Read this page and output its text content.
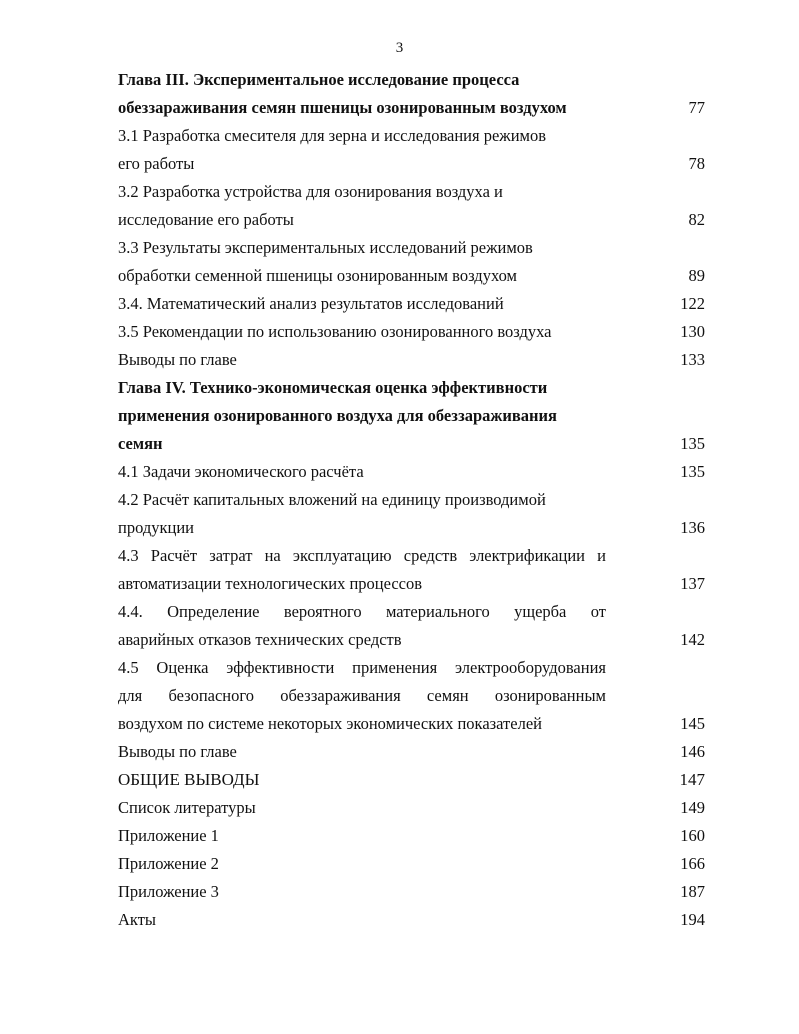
3
Глава III. Экспериментальное исследование процесса
обеззараживания семян пшеницы озонированным воздухом	77
3.1 Разработка смесителя для зерна и исследования режимов
его работы	78
3.2 Разработка устройства для озонирования воздуха и
исследование его работы	82
3.3 Результаты экспериментальных исследований режимов
обработки семенной пшеницы озонированным воздухом	89
3.4. Математический анализ результатов исследований	122
3.5 Рекомендации по использованию озонированного воздуха	130
Выводы по главе	133
Глава IV. Технико-экономическая оценка эффективности
применения озонированного воздуха для обеззараживания
семян	135
4.1 Задачи экономического расчёта	135
4.2 Расчёт капитальных вложений на единицу производимой
продукции	136
4.3 Расчёт затрат на эксплуатацию средств электрификации и
автоматизации технологических процессов	137
4.4. Определение вероятного материального ущерба от
аварийных отказов технических средств	142
4.5 Оценка эффективности применения электрооборудования
для безопасного обеззараживания семян озонированным
воздухом по системе некоторых экономических показателей	145
Выводы по главе	146
ОБЩИЕ ВЫВОДЫ	147
Список литературы	149
Приложение 1	160
Приложение 2	166
Приложение 3	187
Акты	194
